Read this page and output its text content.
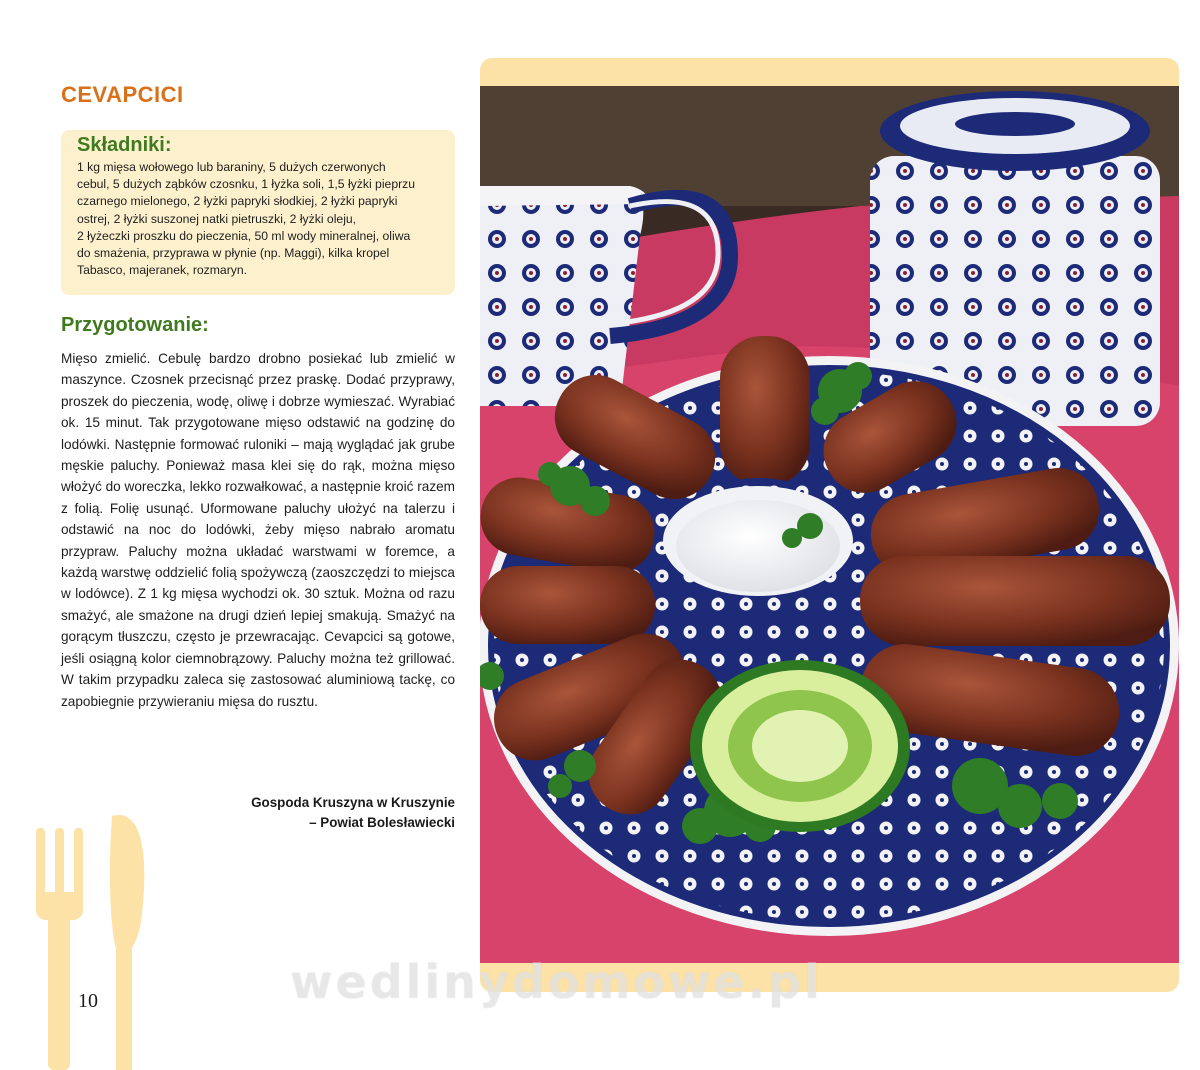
CEVAPCICI
Składniki:

1 kg mięsa wołowego lub baraniny, 5 dużych czerwonych
cebul, 5 dużych ząbków czosnku, 1 łyżka soli, 1,5 łyżki pieprzu
czarnego mielonego, 2 łyżki papryki słodkiej, 2 łyżki papryki
ostrej, 2 łyżki suszonej natki pietruszki, 2 łyżki oleju,
2 łyżeczki proszku do pieczenia, 50 ml wody mineralnej, oliwa
do smażenia, przyprawa w płynie (np. Maggi), kilka kropel
Tabasco, majeranek, rozmaryn.

Przygotowanie:

Mięso zmielić. Cebulę bardzo drobno posiekać lub zmielić w maszynce. Czosnek przecisnąć przez praskę. Dodać przyprawy, proszek do pieczenia, wodę, oliwę i dobrze wymieszać. Wyrabiać ok. 15 minut. Tak przygotowane mięso odstawić na godzinę do lodówki. Następnie formować ruloniki – mają wyglądać jak grube męskie paluchy. Ponieważ masa klei się do rąk, można mięso włożyć do woreczka, lekko rozwałkować, a następnie kroić razem z folią. Folię usunąć. Uformowane paluchy ułożyć na talerzu i odstawić na noc do lodówki, żeby mięso nabrało aromatu przypraw. Paluchy można układać warstwami w foremce, a każdą warstwę oddzielić folią spożywczą (zaoszczędzi to miejsca w lodówce). Z 1 kg mięsa wychodzi ok. 30 sztuk. Można od razu smażyć, ale smażone na drugi dzień lepiej smakują. Smażyć na gorącym tłuszczu, często je przewracając. Cevapcici są gotowe, jeśli osiągną kolor ciemnobrązowy. Paluchy można też grillować. W takim przypadku zaleca się zastosować aluminiową tackę, co zapobiegnie przywieraniu mięsa do rusztu.

Gospoda Kruszyna w Kruszynie
– Powiat Bolesławiecki
10	wedlinydomowe.pl
